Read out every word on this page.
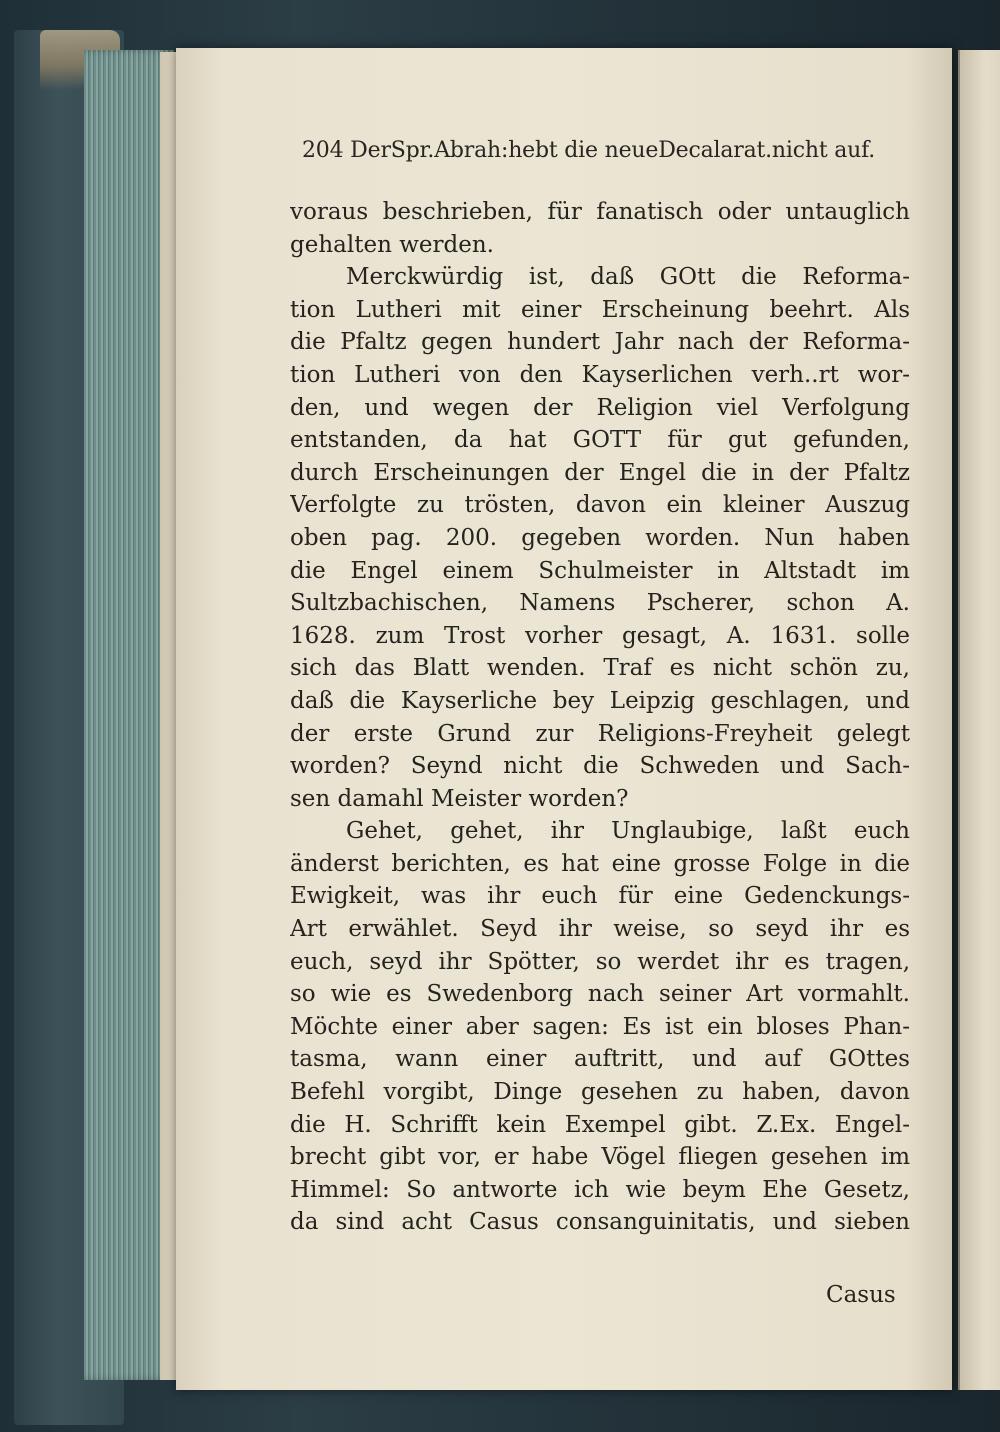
204 DerSpr.Abrah:hebt die neueDecalarat.nicht auf.
voraus beschrieben, für fanatisch oder untauglich
gehalten werden.
Merckwürdig ist, daß GOtt die Reforma-
tion Lutheri mit einer Erscheinung beehrt. Als
die Pfaltz gegen hundert Jahr nach der Reforma-
tion Lutheri von den Kayserlichen verh..rt wor-
den, und wegen der Religion viel Verfolgung
entstanden, da hat GOTT für gut gefunden,
durch Erscheinungen der Engel die in der Pfaltz
Verfolgte zu trösten, davon ein kleiner Auszug
oben pag. 200. gegeben worden. Nun haben
die Engel einem Schulmeister in Altstadt im
Sultzbachischen, Namens Pscherer, schon A.
1628. zum Trost vorher gesagt, A. 1631. solle
sich das Blatt wenden. Traf es nicht schön zu,
daß die Kayserliche bey Leipzig geschlagen, und
der erste Grund zur Religions-Freyheit gelegt
worden? Seynd nicht die Schweden und Sach-
sen damahl Meister worden?
Gehet, gehet, ihr Unglaubige, laßt euch
änderst berichten, es hat eine grosse Folge in die
Ewigkeit, was ihr euch für eine Gedenckungs-
Art erwählet. Seyd ihr weise, so seyd ihr es
euch, seyd ihr Spötter, so werdet ihr es tragen,
so wie es Swedenborg nach seiner Art vormahlt.
Möchte einer aber sagen: Es ist ein bloses Phan-
tasma, wann einer auftritt, und auf GOttes
Befehl vorgibt, Dinge gesehen zu haben, davon
die H. Schrifft kein Exempel gibt. Z.Ex. Engel-
brecht gibt vor, er habe Vögel fliegen gesehen im
Himmel: So antworte ich wie beym Ehe Gesetz,
da sind acht Casus consanguinitatis, und sieben
Casus
